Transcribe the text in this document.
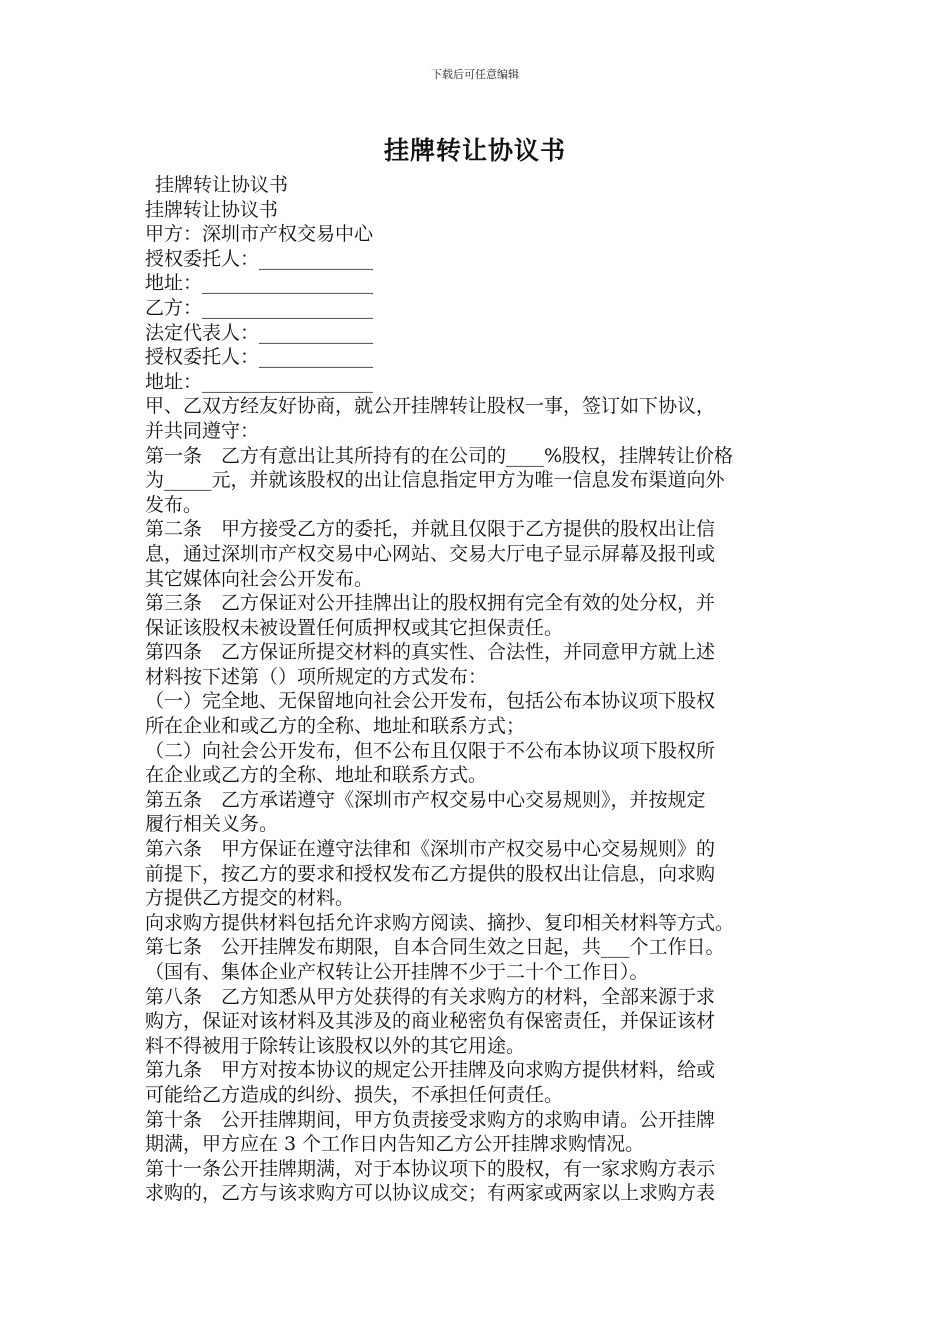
下载后可任意编辑
挂牌转让协议书

挂牌转让协议书

挂牌转让协议书

甲方：深圳市产权交易中心

授权委托人：____________

地址：__________________

乙方：__________________

法定代表人：____________

授权委托人：____________

地址：__________________

甲、乙双方经友好协商，就公开挂牌转让股权一事，签订如下协议，

并共同遵守：

第一条　乙方有意出让其所持有的在公司的____%股权，挂牌转让价格

为_____元，并就该股权的出让信息指定甲方为唯一信息发布渠道向外

发布。

第二条　甲方接受乙方的委托，并就且仅限于乙方提供的股权出让信

息，通过深圳市产权交易中心网站、交易大厅电子显示屏幕及报刊或

其它媒体向社会公开发布。

第三条　乙方保证对公开挂牌出让的股权拥有完全有效的处分权，并

保证该股权未被设置任何质押权或其它担保责任。

第四条　乙方保证所提交材料的真实性、合法性，并同意甲方就上述

材料按下述第（）项所规定的方式发布：

（一）完全地、无保留地向社会公开发布，包括公布本协议项下股权

所在企业和或乙方的全称、地址和联系方式；

（二）向社会公开发布，但不公布且仅限于不公布本协议项下股权所

在企业或乙方的全称、地址和联系方式。

第五条　乙方承诺遵守《深圳市产权交易中心交易规则》，并按规定

履行相关义务。

第六条　甲方保证在遵守法律和《深圳市产权交易中心交易规则》的

前提下，按乙方的要求和授权发布乙方提供的股权出让信息，向求购

方提供乙方提交的材料。

向求购方提供材料包括允许求购方阅读、摘抄、复印相关材料等方式。

第七条　公开挂牌发布期限，自本合同生效之日起，共___个工作日。

（国有、集体企业产权转让公开挂牌不少于二十个工作日）。

第八条　乙方知悉从甲方处获得的有关求购方的材料，全部来源于求

购方，保证对该材料及其涉及的商业秘密负有保密责任，并保证该材

料不得被用于除转让该股权以外的其它用途。

第九条　甲方对按本协议的规定公开挂牌及向求购方提供材料，给或

可能给乙方造成的纠纷、损失，不承担任何责任。

第十条　公开挂牌期间，甲方负责接受求购方的求购申请。公开挂牌

期满，甲方应在 3 个工作日内告知乙方公开挂牌求购情况。

第十一条公开挂牌期满，对于本协议项下的股权，有一家求购方表示

求购的，乙方与该求购方可以协议成交；有两家或两家以上求购方表
